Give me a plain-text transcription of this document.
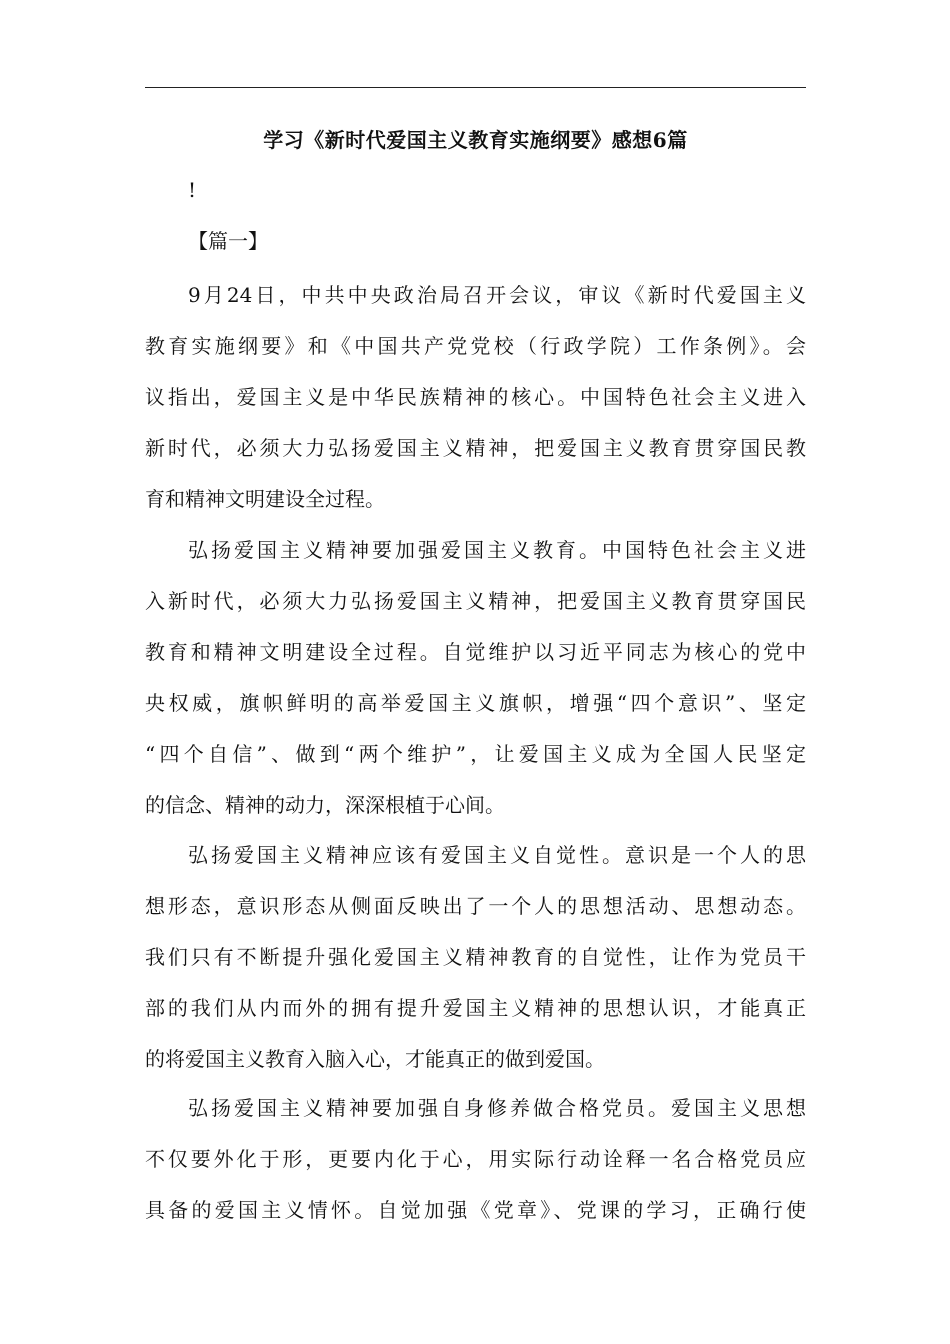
学习《新时代爱国主义教育实施纲要》感想6篇
!
【篇一】
9月24日，中共中央政治局召开会议，审议《新时代爱国主义
教育实施纲要》和《中国共产党党校（行政学院）工作条例》。会
议指出，爱国主义是中华民族精神的核心。中国特色社会主义进入
新时代，必须大力弘扬爱国主义精神，把爱国主义教育贯穿国民教
育和精神文明建设全过程。
弘扬爱国主义精神要加强爱国主义教育。中国特色社会主义进
入新时代，必须大力弘扬爱国主义精神，把爱国主义教育贯穿国民
教育和精神文明建设全过程。自觉维护以习近平同志为核心的党中
央权威，旗帜鲜明的高举爱国主义旗帜，增强“四个意识”、坚定
“四个自信”、做到“两个维护”，让爱国主义成为全国人民坚定
的信念、精神的动力，深深根植于心间。
弘扬爱国主义精神应该有爱国主义自觉性。意识是一个人的思
想形态，意识形态从侧面反映出了一个人的思想活动、思想动态。
我们只有不断提升强化爱国主义精神教育的自觉性，让作为党员干
部的我们从内而外的拥有提升爱国主义精神的思想认识，才能真正
的将爱国主义教育入脑入心，才能真正的做到爱国。
弘扬爱国主义精神要加强自身修养做合格党员。爱国主义思想
不仅要外化于形，更要内化于心，用实际行动诠释一名合格党员应
具备的爱国主义情怀。自觉加强《党章》、党课的学习，正确行使
